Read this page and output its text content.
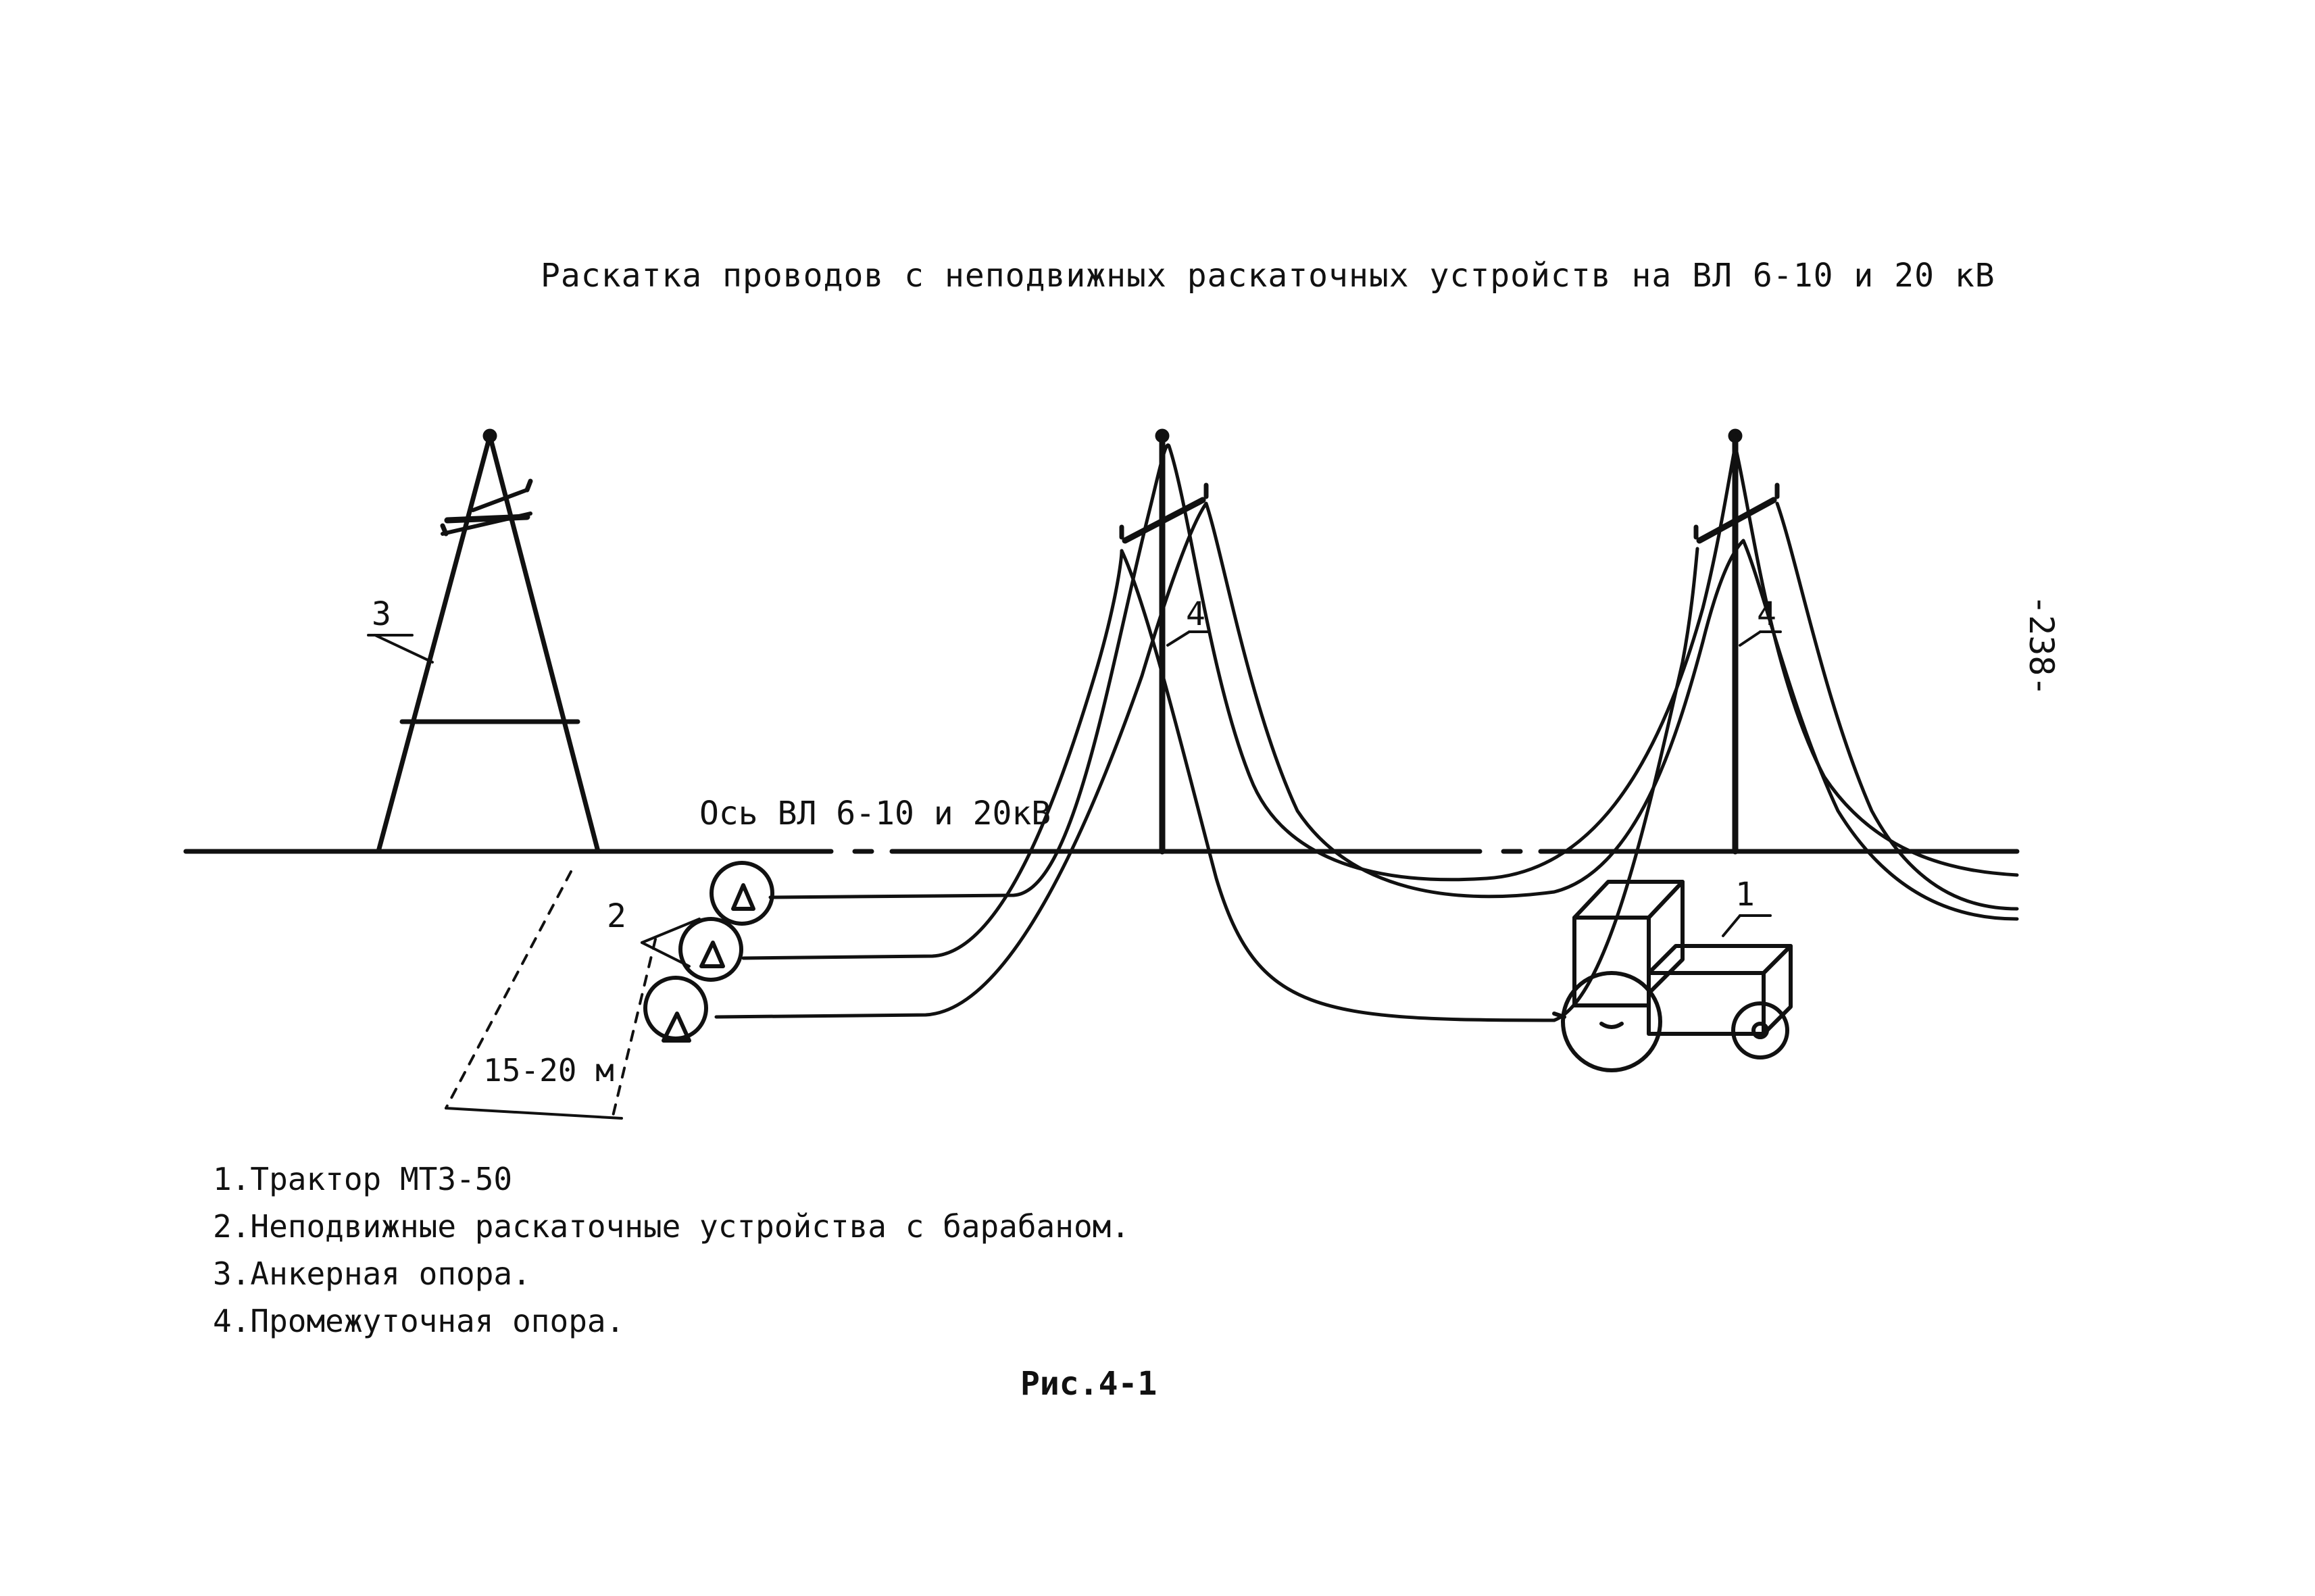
Раскатка проводов с неподвижных раскаточных устройств на ВЛ 6-10 и 20 кВ
-238-
3
2
4	4
1
Ось ВЛ 6-10 и 20кВ
15-20 м
1.Трактор МТЗ-50
2.Неподвижные раскаточные устройства с барабаном.
3.Анкерная опора.
4.Промежуточная опора.
Рис.4-1
